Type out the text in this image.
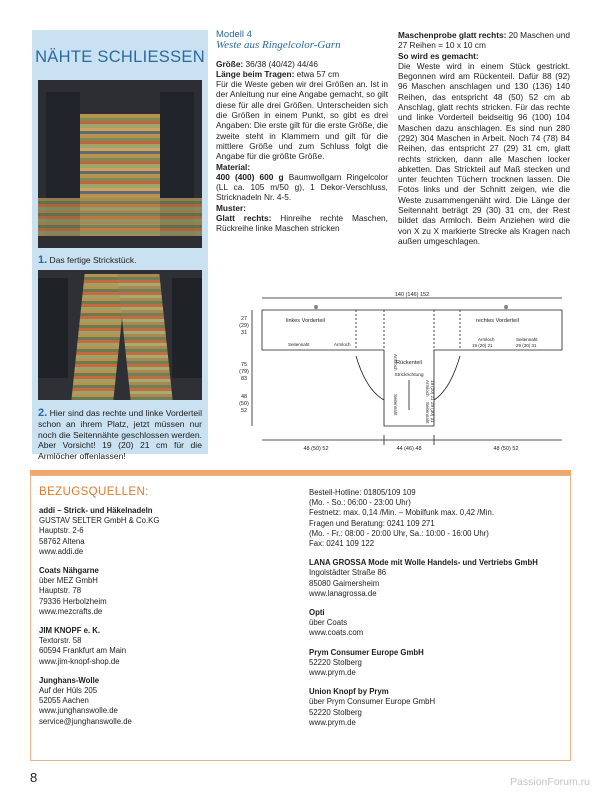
NÄHTE SCHLIESSEN
1. Das fertige Strickstück.
2. Hier sind das rechte und linke Vorderteil schon an ihrem Platz, jetzt müssen nur noch die Seitennähte geschlossen werden. Aber Vorsicht! 19 (20) 21 cm für die Armlöcher offenlassen!
Modell 4
Weste aus Ringelcolor-Garn

Größe: 36/38 (40/42) 44/46

Länge beim Tragen: etwa 57 cm

Für die Weste geben wir drei Größen an. Ist in der Anleitung nur eine Angabe gemacht, so gilt diese für alle drei Größen. Unterscheiden sich die Größen in einem Punkt, so gibt es drei Angaben: Die erste gilt für die erste Größe, die zweite steht in Klammern und gilt für die mittlere Größe und zum Schluss folgt die Angabe für die größte Größe.

Material:

400 (400) 600 g Baumwollgarn Ringelcolor (LL ca. 105 m/50 g), 1 Dekor-Verschluss, Stricknadeln Nr. 4-5.

Muster:

Glatt rechts: Hinreihe rechte Maschen, Rückreihe linke Maschen stricken

Maschenprobe glatt rechts: 20 Maschen und 27 Reihen = 10 x 10 cm

So wird es gemacht:

Die Weste wird in einem Stück gestrickt. Begonnen wird am Rückenteil. Dafür 88 (92) 96 Maschen anschlagen und 130 (136) 140 Reihen, das entspricht 48 (50) 52 cm ab Anschlag, glatt rechts stricken. Für das rechte und linke Vorderteil beidseitig 96 (100) 104 Maschen dazu anschlagen. Es sind nun 280 (292) 304 Maschen in Arbeit. Noch 74 (78) 84 Reihen, das entspricht 27 (29) 31 cm, glatt rechts stricken, dann alle Maschen locker abketten. Das Strickteil auf Maß stecken und unter feuchten Tüchern trocknen lassen. Die Fotos links und der Schnitt zeigen, wie die Weste zusammengenäht wird. Die Länge der Seitennaht beträgt 29 (30) 31 cm, der Rest bildet das Armloch. Beim Anziehen wird die von X zu X markierte Strecke als Kragen nach außen umgeschlagen.

140 (146) 152
⊗	⊗
27
(29)
31
linkes Vorderteil	rechtes Vorderteil
Seitennaht	Armloch
Armloch
19 (20) 21
Seitennaht
29 (30) 31
Rückenteil
Strickrichtung
75
(79)
83
48
(50)
52
Armloch 19 (20) 21
Armloch
Seitennaht	Seitennaht 29 (30) 31
48 (50) 52	44 (46) 48	48 (50) 52
BEZUGSQUELLEN:
addi – Strick- und Häkelnadeln
GUSTAV SELTER GmbH & Co.KG
Hauptstr. 2-6
58762 Altena
www.addi.de
Coats Nähgarne
über MEZ GmbH
Hauptstr. 78
79336 Herbolzheim
www.mezcrafts.de
JIM KNOPF e. K.
Textorstr. 58
60594 Frankfurt am Main
www.jim-knopf-shop.de
Junghans-Wolle
Auf der Hüls 205
52055 Aachen
www.junghanswolle.de
service@junghanswolle.de
Bestell-Hotline: 01805/109 109
(Mo. - So.: 06:00 - 23:00 Uhr)
Festnetz: max. 0,14 /Min. – Mobilfunk max. 0,42 /Min.
Fragen und Beratung: 0241 109 271
(Mo. - Fr.: 08:00 - 20:00 Uhr, Sa.: 10:00 - 16:00 Uhr)
Fax: 0241 109 122
LANA GROSSA Mode mit Wolle Handels- und Vertriebs GmbH
Ingolstädter Straße 86
85080 Gaimersheim
www.lanagrossa.de
Opti
über Coats
www.coats.com
Prym Consumer Europe GmbH
52220 Stolberg
www.prym.de
Union Knopf by Prym
über Prym Consumer Europe GmbH
52220 Stolberg
www.prym.de
8	PassionForum.ru
